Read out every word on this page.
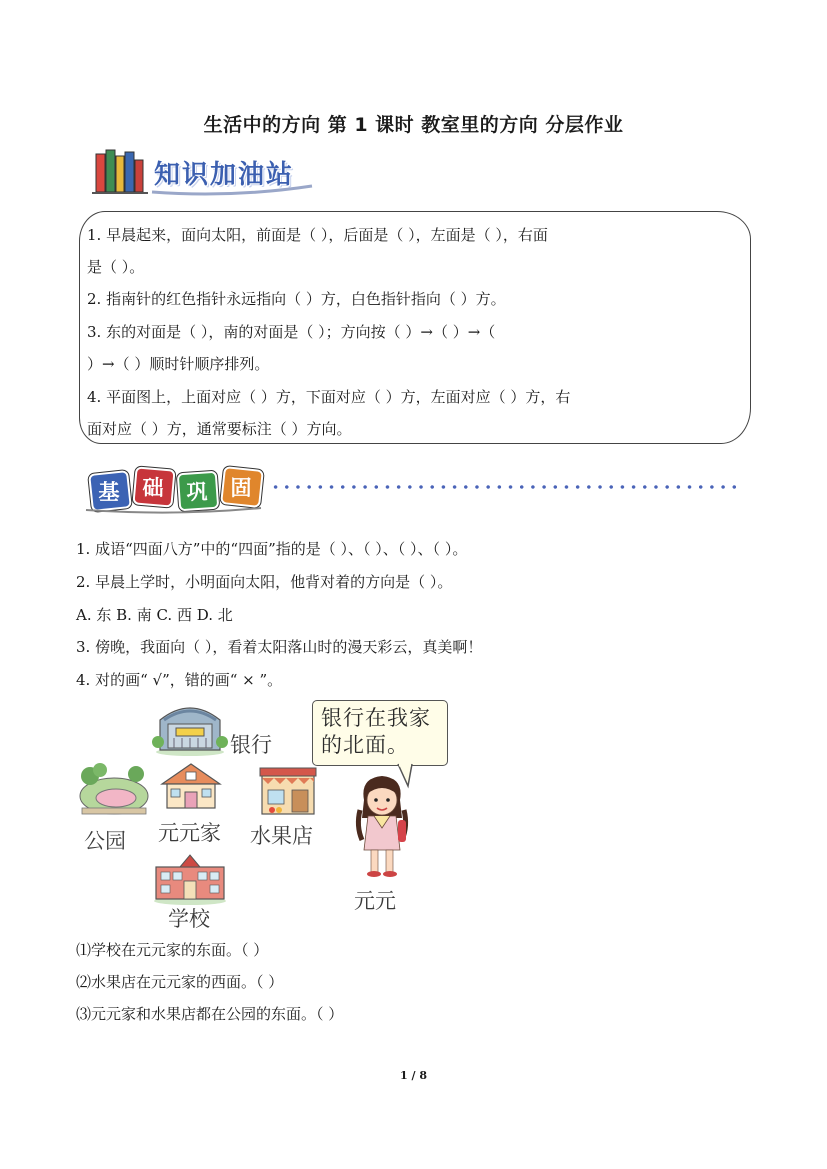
生活中的方向 第 1 课时 教室里的方向 分层作业
知识加油站
1. 早晨起来，面向太阳，前面是（ ），后面是（ ），左面是（ ），右面
是（ ）。
2. 指南针的红色指针永远指向（ ）方，白色指针指向（ ）方。
3. 东的对面是（ ），南的对面是（ ）；方向按（ ）→（ ）→（
）→（ ）顺时针顺序排列。
4. 平面图上，上面对应（ ）方，下面对应（ ）方，左面对应（ ）方，右
面对应（ ）方，通常要标注（ ）方向。
基 础 巩 固
1. 成语“四面八方”中的“四面”指的是（ ）、（ ）、（ ）、（ ）。
2. 早晨上学时，小明面向太阳，他背对着的方向是（ ）。
A. 东 B. 南 C. 西 D. 北
3. 傍晚，我面向（ ），看着太阳落山时的漫天彩云，真美啊！
4. 对的画“ √”，错的画“ × ”。
银行
公园 元元家 水果店
学校
银行在我家
的北面。
元元
⑴学校在元元家的东面。（ ）
⑵水果店在元元家的西面。（ ）
⑶元元家和水果店都在公园的东面。（ ）
1 / 8
